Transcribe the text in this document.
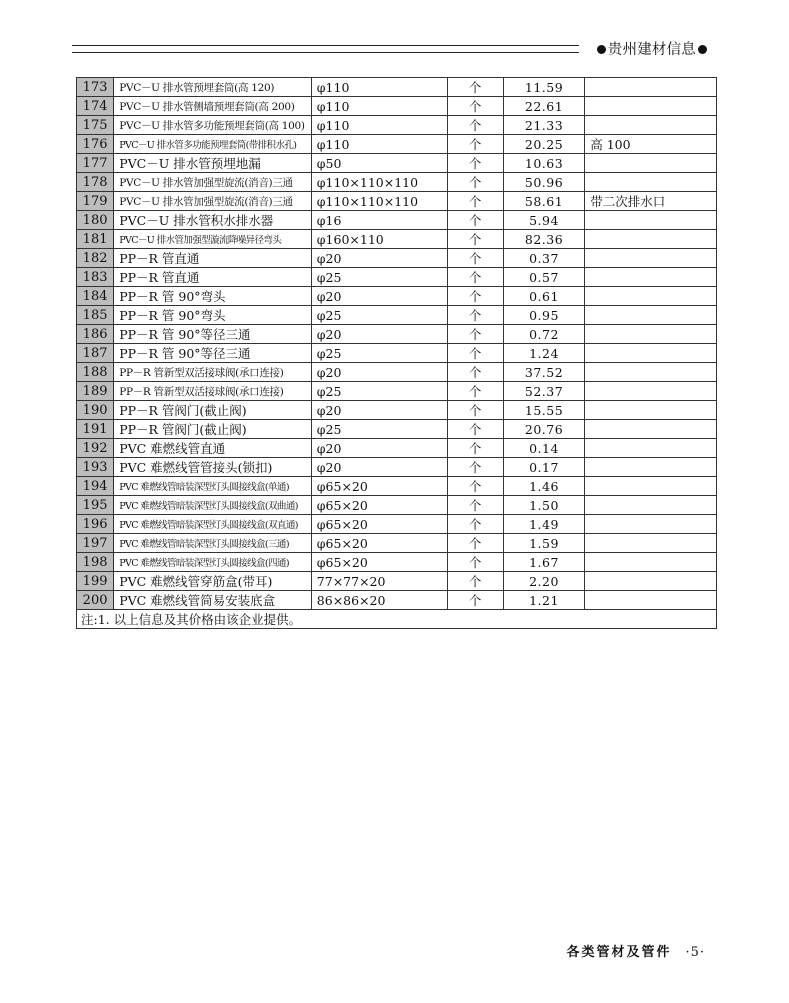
贵州建材信息
173	PVC－U 排水管预埋套筒(高 120)	φ110	个	11.59	
174	PVC－U 排水管侧墙预埋套筒(高 200)	φ110	个	22.61	
175	PVC－U 排水管多功能预埋套筒(高 100)	φ110	个	21.33	
176	PVC－U 排水管多功能预埋套筒(带排积水孔)	φ110	个	20.25	高 100
177	PVC－U 排水管预埋地漏	φ50	个	10.63	
178	PVC－U 排水管加强型旋流(消音)三通	φ110×110×110	个	50.96	
179	PVC－U 排水管加强型旋流(消音)三通	φ110×110×110	个	58.61	带二次排水口
180	PVC－U 排水管积水排水器	φ16	个	5.94	
181	PVC－U 排水管加强型漩流降噪异径弯头	φ160×110	个	82.36	
182	PP－R 管直通	φ20	个	0.37	
183	PP－R 管直通	φ25	个	0.57	
184	PP－R 管 90°弯头	φ20	个	0.61	
185	PP－R 管 90°弯头	φ25	个	0.95	
186	PP－R 管 90°等径三通	φ20	个	0.72	
187	PP－R 管 90°等径三通	φ25	个	1.24	
188	PP－R 管新型双活接球阀(承口连接)	φ20	个	37.52	
189	PP－R 管新型双活接球阀(承口连接)	φ25	个	52.37	
190	PP－R 管阀门(截止阀)	φ20	个	15.55	
191	PP－R 管阀门(截止阀)	φ25	个	20.76	
192	PVC 难燃线管直通	φ20	个	0.14	
193	PVC 难燃线管管接头(锁扣)	φ20	个	0.17	
194	PVC 难燃线管暗装深型灯头圆接线盒(单通)	φ65×20	个	1.46	
195	PVC 难燃线管暗装深型灯头圆接线盒(双曲通)	φ65×20	个	1.50	
196	PVC 难燃线管暗装深型灯头圆接线盒(双直通)	φ65×20	个	1.49	
197	PVC 难燃线管暗装深型灯头圆接线盒(三通)	φ65×20	个	1.59	
198	PVC 难燃线管暗装深型灯头圆接线盒(四通)	φ65×20	个	1.67	
199	PVC 难燃线管穿筋盒(带耳)	77×77×20	个	2.20	
200	PVC 难燃线管简易安装底盒	86×86×20	个	1.21	
注:1. 以上信息及其价格由该企业提供。					
各类管材及管件 ·5·
